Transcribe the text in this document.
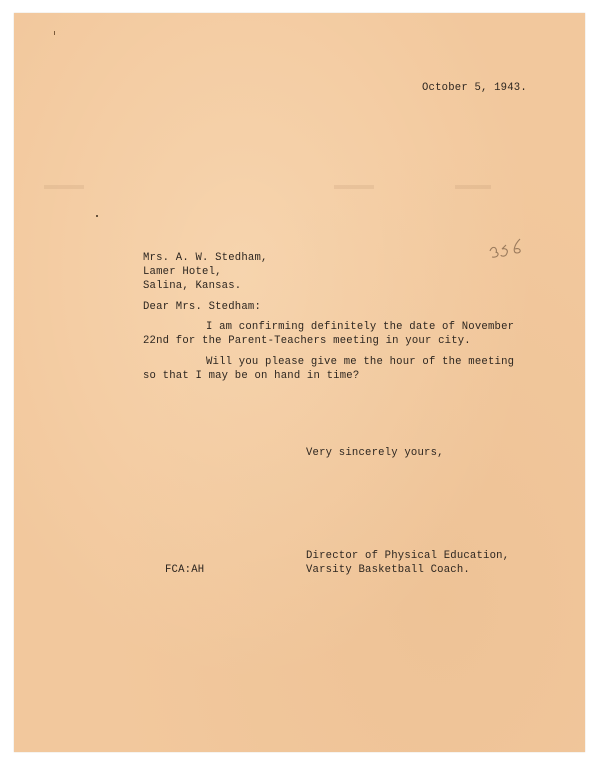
October 5, 1943.
Mrs. A. W. Stedham,
Lamer Hotel,
Salina, Kansas.
Dear Mrs. Stedham:
I am confirming definitely the date of November
22nd for the Parent-Teachers meeting in your city.
Will you please give me the hour of the meeting
so that I may be on hand in time?
Very sincerely yours,
Director of Physical Education,
Varsity Basketball Coach.
FCA:AH
